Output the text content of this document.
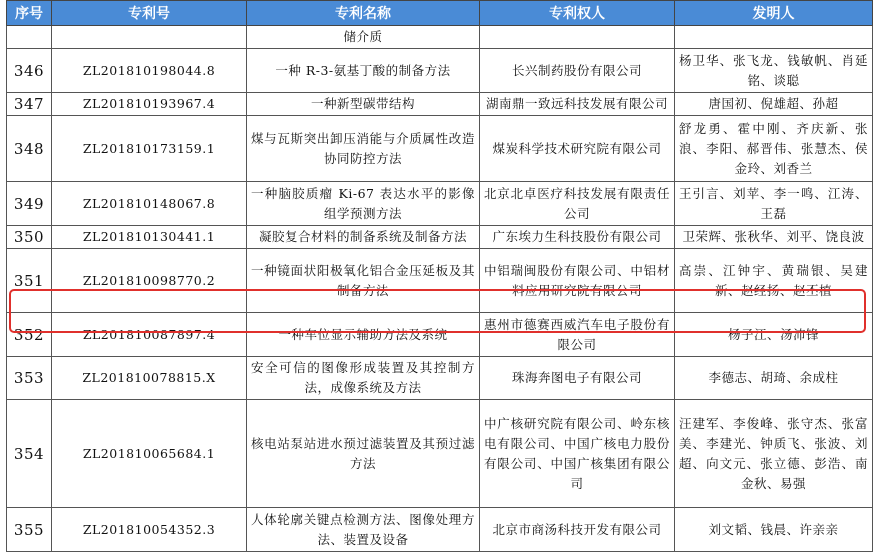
序号	专利号	专利名称	专利权人	发明人
		储介质		
346	ZL201810198044.8	一种 R-3-氨基丁酸的制备方法	长兴制药股份有限公司	杨卫华、张飞龙、钱敏帆、肖延铭、谈聪
347	ZL201810193967.4	一种新型碳带结构	湖南鼎一致远科技发展有限公司	唐国初、倪雄超、孙超
348	ZL201810173159.1	煤与瓦斯突出卸压消能与介质属性改造协同防控方法	煤炭科学技术研究院有限公司	舒龙勇、霍中刚、齐庆新、张浪、李阳、郝晋伟、张慧杰、侯金玲、刘香兰
349	ZL201810148067.8	一种脑胶质瘤 Ki-67 表达水平的影像组学预测方法	北京北卓医疗科技发展有限责任公司	王引言、刘苹、李一鸣、江涛、王磊
350	ZL201810130441.1	凝胶复合材料的制备系统及制备方法	广东埃力生科技股份有限公司	卫荣辉、张秋华、刘平、饶良波
351	ZL201810098770.2	一种镜面状阳极氧化铝合金压延板及其制备方法	中铝瑞闽股份有限公司、中铝材料应用研究院有限公司	高崇、江钟宇、黄瑞银、吴建新、赵经扬、赵丕植
352	ZL201810087897.4	一种车位显示辅助方法及系统	惠州市德赛西威汽车电子股份有限公司	杨子江、汤沛锋
353	ZL201810078815.X	安全可信的图像形成装置及其控制方法，成像系统及方法	珠海奔图电子有限公司	李德志、胡琦、余成柱
354	ZL201810065684.1	核电站泵站进水预过滤装置及其预过滤方法	中广核研究院有限公司、岭东核电有限公司、中国广核电力股份有限公司、中国广核集团有限公司	汪建军、李俊峰、张守杰、张富美、李建光、钟质飞、张波、刘超、向文元、张立德、彭浩、南金秋、易强
355	ZL201810054352.3	人体轮廓关键点检测方法、图像处理方法、装置及设备	北京市商汤科技开发有限公司	刘文韬、钱晨、许亲亲
